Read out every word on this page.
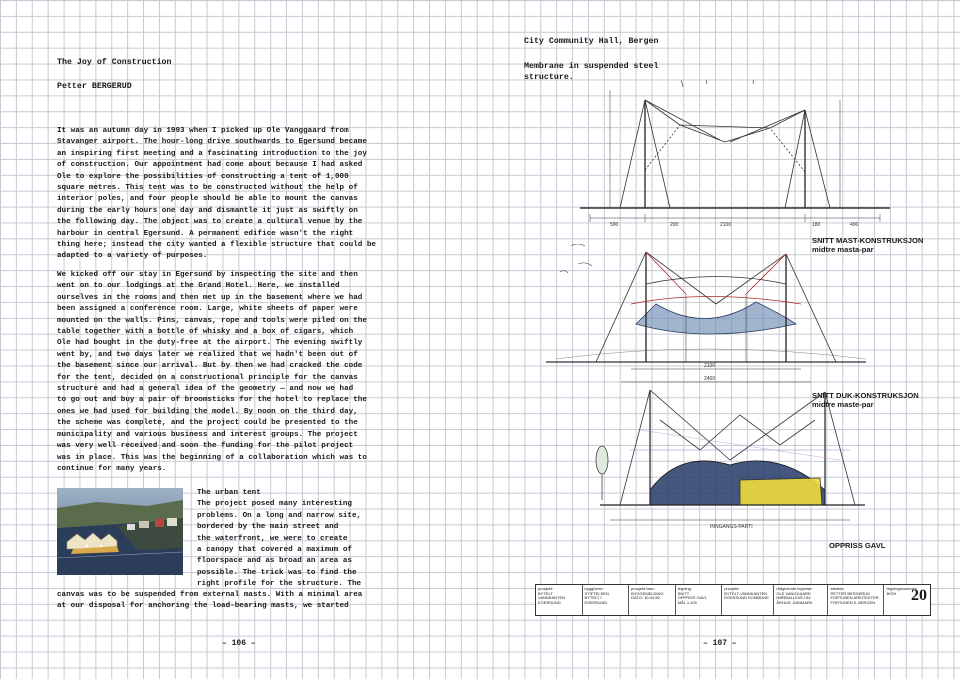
The Joy of Construction
Petter BERGERUD
It was an autumn day in 1993 when I picked up Ole Vanggaard from
Stavanger airport. The hour-long drive southwards to Egersund became
an inspiring first meeting and a fascinating introduction to the joy
of construction. Our appointment had come about because I had asked
Ole to explore the possibilities of constructing a tent of 1,000
square metres. This tent was to be constructed without the help of
interior poles, and four people should be able to mount the canvas
during the early hours one day and dismantle it just as swiftly on
the following day. The object was to create a cultural venue by the
harbour in central Egersund. A permanent edifice wasn't the right
thing here; instead the city wanted a flexible structure that could be
adapted to a variety of purposes.
We kicked off our stay in Egersund by inspecting the site and then
went on to our lodgings at the Grand Hotel. Here, we installed
ourselves in the rooms and then met up in the basement where we had
been assigned a conference room. Large, white sheets of paper were
mounted on the walls. Pins, canvas, rope and tools were piled on the
table together with a bottle of whisky and a box of cigars, which
Ole had bought in the duty-free at the airport. The evening swiftly
went by, and two days later we realized that we hadn't been out of
the basement since our arrival. But by then we had cracked the code
for the tent, decided on a constructional principle for the canvas
structure and had a general idea of the geometry — and now we had
to go out and buy a pair of broomsticks for the hotel to replace the
ones we had used for building the model. By noon on the third day,
the scheme was complete, and the project could be presented to the
municipality and various business and interest groups. The project
was very well received and soon the funding for the pilot project
was in place. This was the beginning of a collaboration which was to
continue for many years.
The urban tent
The project posed many interesting
problems. On a long and narrow site,
bordered by the main street and
the waterfront, we were to create
a canopy that covered a maximum of
floorspace and as broad an area as
possible. The trick was to find the
right profile for the structure. The
canvas was to be suspended from external masts. With a minimal area
at our disposal for anchoring the load-bearing masts, we started
– 106 –
City Community Hall, Bergen
Membrane in suspended steel
structure.
590	200	2100	180	400
SNITT MAST-KONSTRUKSJON
midtre masta-par
2100
2400
SNITT DUK-KONSTRUKSJON
midtre maste-par
INNGANGS-PARTI
OPPRISS GAVL
prosjekt:
BYTELT
VANNKANTEN
EGERSUND
byggherre:
STIFTELSEN
BYTELT I
EGERSUND
prosjekt fase:
BYGGEMELDING
DATO: 10.04.96
tegning:
SNITT
OPPRISS GAVL
MÅL 1:100
prosjekt:
BYTELT-VANNKANTEN
EGERSUND KOMMUNE
rådgivende ingeniør:
OLE VANGGAARD
HØRBALLEVEJ 84
ÅRHUS, DANMARK
arkitekt:
PETTER BERGERUD
FORTUNEN ARKITEKTER
FORTUNEN 5, BERGEN
tegningsnummer:
B/GH. 20
– 107 –
